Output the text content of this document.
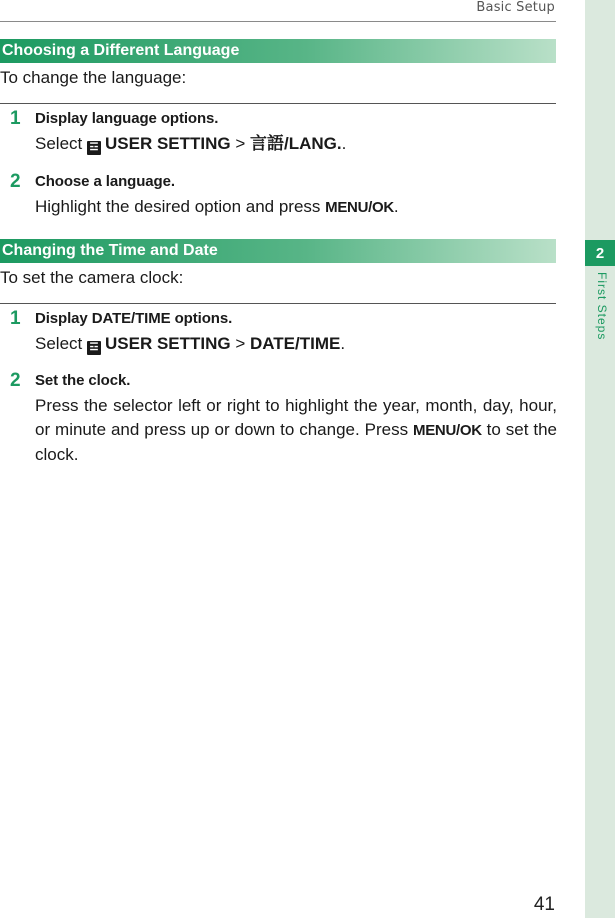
Basic Setup
2
First Steps
Choosing a Different Language
To change the language:
1 Display language options.
Select ☲ USER SETTING > 言語/LANG..
2 Choose a language.
Highlight the desired option and press MENU/OK.
Changing the Time and Date
To set the camera clock:
1 Display DATE/TIME options.
Select ☲ USER SETTING > DATE/TIME.
2 Set the clock.
Press the selector left or right to highlight the year, month, day, hour, or minute and press up or down to change. Press MENU/OK to set the clock.
41
